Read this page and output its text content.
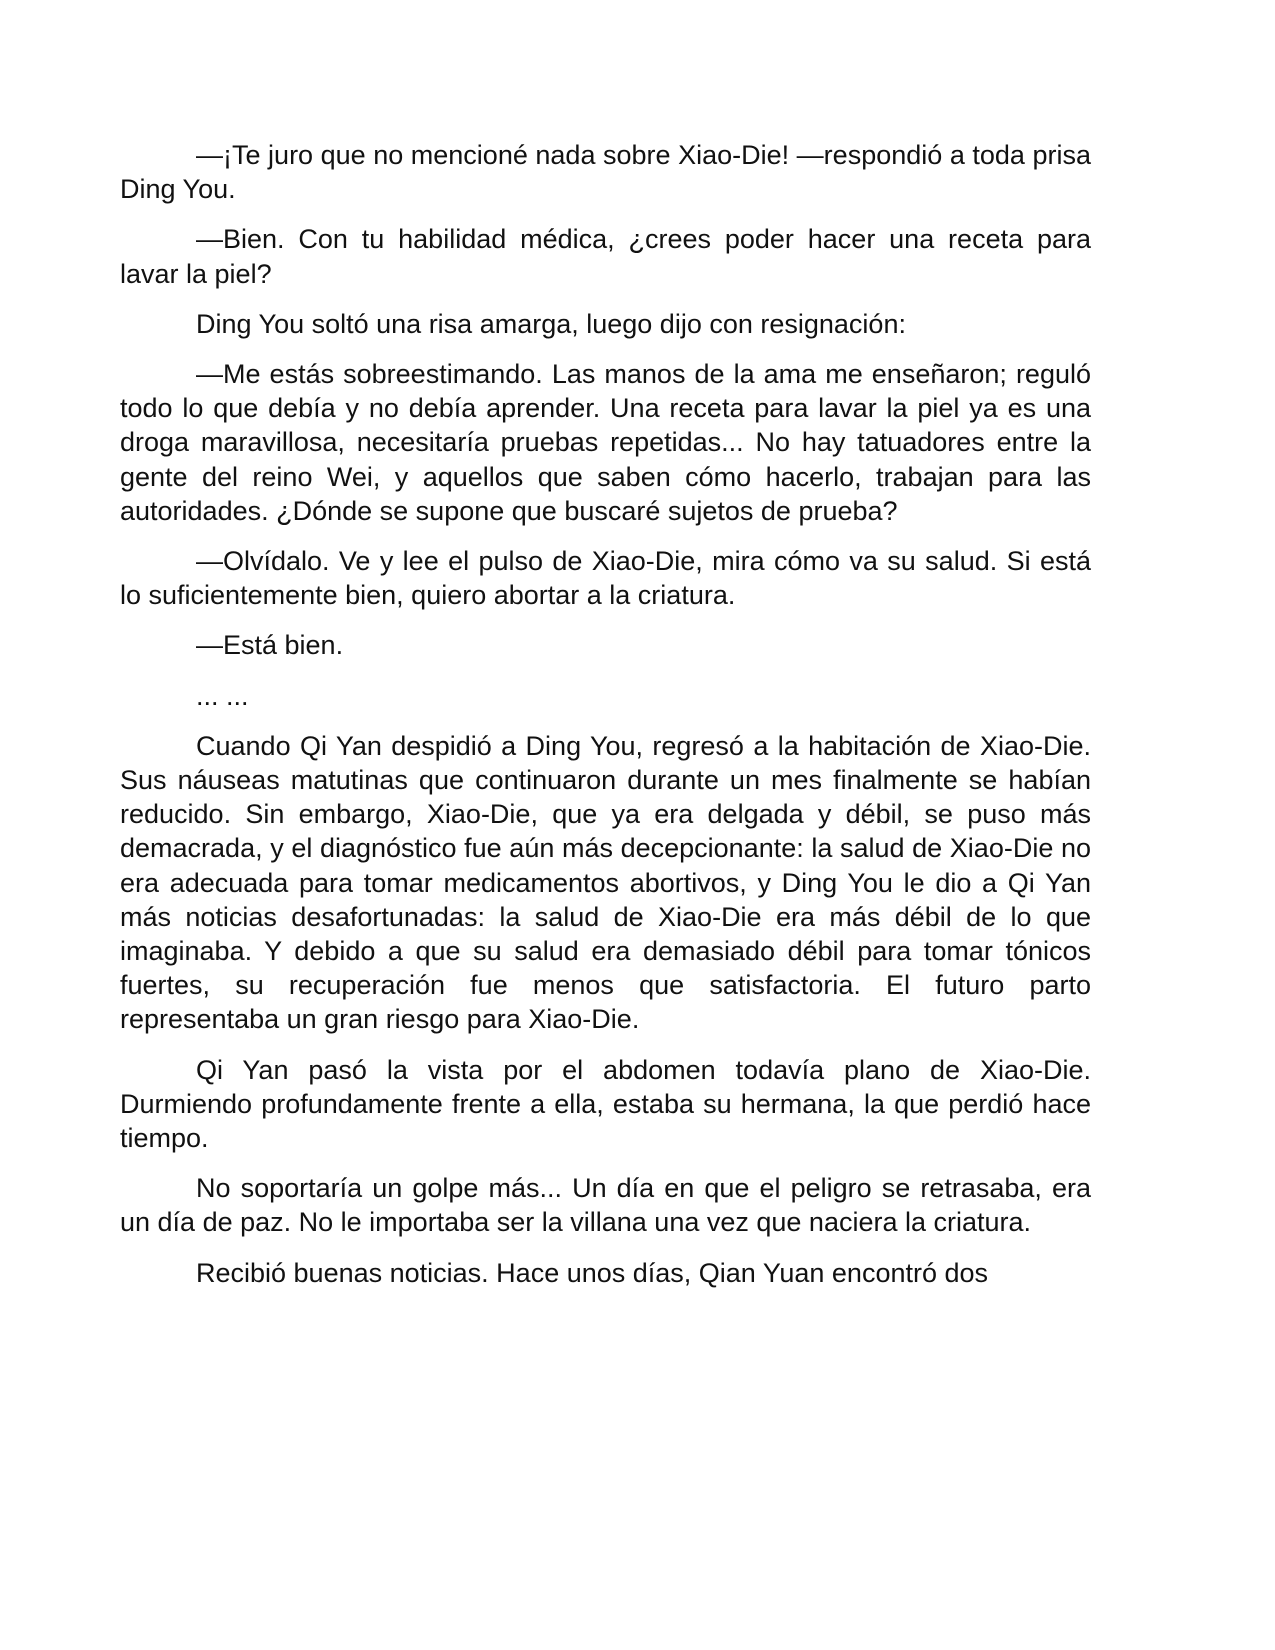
—¡Te juro que no mencioné nada sobre Xiao-Die! —respondió a toda prisa Ding You.

—Bien. Con tu habilidad médica, ¿crees poder hacer una receta para lavar la piel?

Ding You soltó una risa amarga, luego dijo con resignación:

—Me estás sobreestimando. Las manos de la ama me enseñaron; reguló todo lo que debía y no debía aprender. Una receta para lavar la piel ya es una droga maravillosa, necesitaría pruebas repetidas... No hay tatuadores entre la gente del reino Wei, y aquellos que saben cómo hacerlo, trabajan para las autoridades. ¿Dónde se supone que buscaré sujetos de prueba?

—Olvídalo. Ve y lee el pulso de Xiao-Die, mira cómo va su salud. Si está lo suficientemente bien, quiero abortar a la criatura.

—Está bien.

... ...

Cuando Qi Yan despidió a Ding You, regresó a la habitación de Xiao-Die. Sus náuseas matutinas que continuaron durante un mes finalmente se habían reducido. Sin embargo, Xiao-Die, que ya era delgada y débil, se puso más demacrada, y el diagnóstico fue aún más decepcionante: la salud de Xiao-Die no era adecuada para tomar medicamentos abortivos, y Ding You le dio a Qi Yan más noticias desafortunadas: la salud de Xiao-Die era más débil de lo que imaginaba. Y debido a que su salud era demasiado débil para tomar tónicos fuertes, su recuperación fue menos que satisfactoria. El futuro parto representaba un gran riesgo para Xiao-Die.

Qi Yan pasó la vista por el abdomen todavía plano de Xiao-Die. Durmiendo profundamente frente a ella, estaba su hermana, la que perdió hace tiempo.

No soportaría un golpe más... Un día en que el peligro se retrasaba, era un día de paz. No le importaba ser la villana una vez que naciera la criatura.

Recibió buenas noticias. Hace unos días, Qian Yuan encontró dos
